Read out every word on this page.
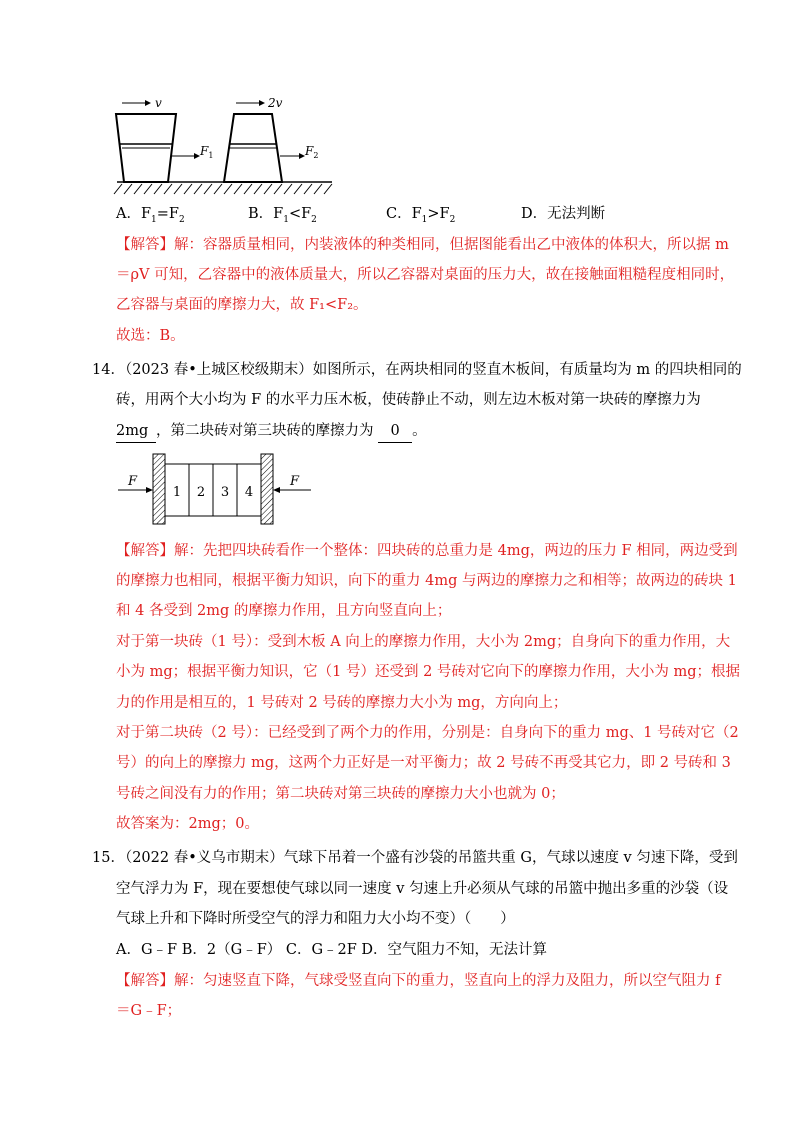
v	2v
$F_1$	$F_2$
A．$F_1=F_2$	B．$F_1<F_2$	C．$F_1>F_2$	D．无法判断
【解答】解：容器质量相同，内装液体的种类相同，但据图能看出乙中液体的体积大，所以据 m
＝ρV 可知，乙容器中的液体质量大，所以乙容器对桌面的压力大，故在接触面粗糙程度相同时，
乙容器与桌面的摩擦力大，故 F₁<F₂。
故选：B。
14．（2023 春•上城区校级期末）如图所示，在两块相同的竖直木板间，有质量均为 m 的四块相同的
砖，用两个大小均为 F 的水平力压木板，使砖静止不动，则左边木板对第一块砖的摩擦力为
2mg ，第二块砖对第三块砖的摩擦力为 0 。
1 2 3 4
F	F
【解答】解：先把四块砖看作一个整体：四块砖的总重力是 4mg，两边的压力 F 相同，两边受到
的摩擦力也相同，根据平衡力知识，向下的重力 4mg 与两边的摩擦力之和相等；故两边的砖块 1
和 4 各受到 2mg 的摩擦力作用，且方向竖直向上；
对于第一块砖（1 号）：受到木板 A 向上的摩擦力作用，大小为 2mg；自身向下的重力作用，大
小为 mg；根据平衡力知识，它（1 号）还受到 2 号砖对它向下的摩擦力作用，大小为 mg；根据
力的作用是相互的，1 号砖对 2 号砖的摩擦力大小为 mg，方向向上；
对于第二块砖（2 号）：已经受到了两个力的作用，分别是：自身向下的重力 mg、1 号砖对它（2
号）的向上的摩擦力 mg，这两个力正好是一对平衡力；故 2 号砖不再受其它力，即 2 号砖和 3
号砖之间没有力的作用；第二块砖对第三块砖的摩擦力大小也就为 0；
故答案为：2mg；0。
15．（2022 春•义乌市期末）气球下吊着一个盛有沙袋的吊篮共重 G，气球以速度 v 匀速下降，受到
空气浮力为 F，现在要想使气球以同一速度 v 匀速上升必须从气球的吊篮中抛出多重的沙袋（设
气球上升和下降时所受空气的浮力和阻力大小均不变）（　　）
A．G﹣F B．2（G﹣F） C．G﹣2F D．空气阻力不知，无法计算
【解答】解：匀速竖直下降，气球受竖直向下的重力，竖直向上的浮力及阻力，所以空气阻力 f
＝G﹣F；
